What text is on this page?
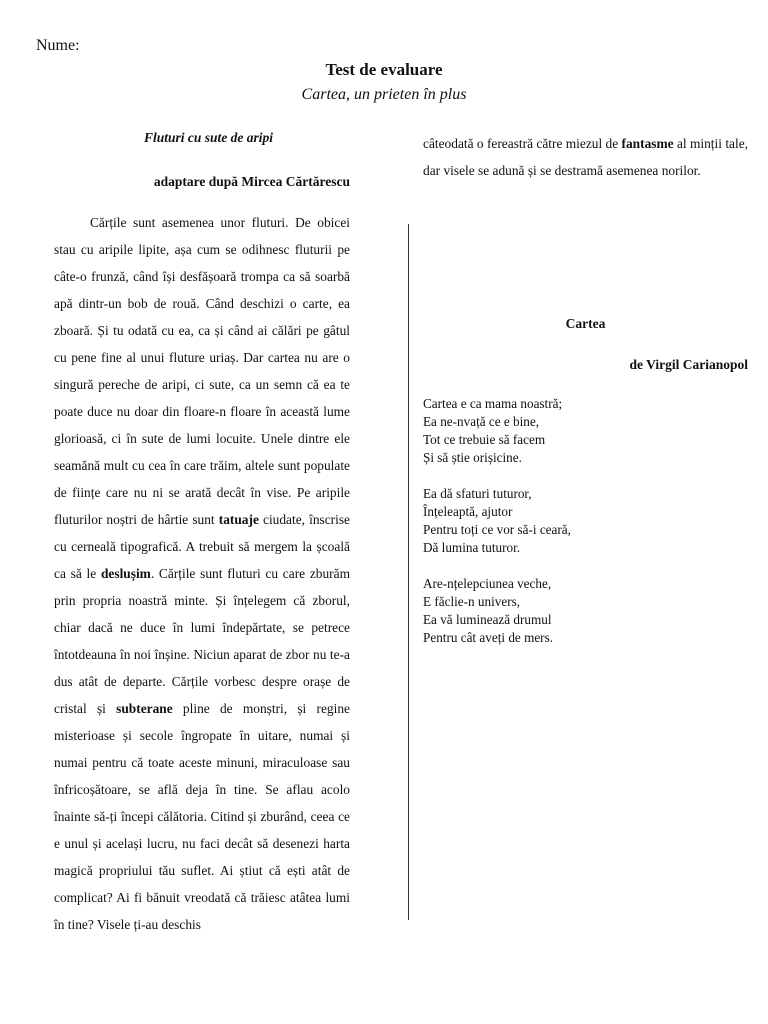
Nume:
Test de evaluare
Cartea, un prieten în plus
Fluturi cu sute de aripi
adaptare după Mircea Cărtărescu
Cărțile sunt asemenea unor fluturi. De obicei stau cu aripile lipite, așa cum se odihnesc fluturii pe câte-o frunză, când își desfășoară trompa ca să soarbă apă dintr-un bob de rouă. Când deschizi o carte, ea zboară. Și tu odată cu ea, ca și când ai călări pe gâtul cu pene fine al unui fluture uriaș. Dar cartea nu are o singură pereche de aripi, ci sute, ca un semn că ea te poate duce nu doar din floare-n floare în această lume glorioasă, ci în sute de lumi locuite. Unele dintre ele seamănă mult cu cea în care trăim, altele sunt populate de ființe care nu ni se arată decât în vise. Pe aripile fluturilor noștri de hârtie sunt tatuaje ciudate, înscrise cu cerneală tipografică. A trebuit să mergem la școală ca să le deslușim. Cărțile sunt fluturi cu care zburăm prin propria noastră minte. Și înțelegem că zborul, chiar dacă ne duce în lumi îndepărtate, se petrece întotdeauna în noi înșine. Niciun aparat de zbor nu te-a dus atât de departe. Cărțile vorbesc despre orașe de cristal și subterane pline de monștri, și regine misterioase și secole îngropate în uitare, numai și numai pentru că toate aceste minuni, miraculoase sau înfricoșătoare, se află deja în tine. Se aflau acolo înainte să-ți începi călătoria. Citind și zburând, ceea ce e unul și același lucru, nu faci decât să desenezi harta magică propriului tău suflet. Ai știut că ești atât de complicat? Ai fi bănuit vreodată că trăiesc atâtea lumi în tine? Visele ți-au deschis
câteodată o fereastră către miezul de fantasme al minții tale, dar visele se adună și se destramă asemenea norilor.
Cartea
de Virgil Carianopol
Cartea e ca mama noastră;
Ea ne-nvață ce e bine,
Tot ce trebuie să facem
Și să știe orișicine.
Ea dă sfaturi tuturor,
Înțeleaptă, ajutor
Pentru toți ce vor să-i ceară,
Dă lumina tuturor.
Are-nțelepciunea veche,
E făclie-n univers,
Ea vă luminează drumul
Pentru cât aveți de mers.
